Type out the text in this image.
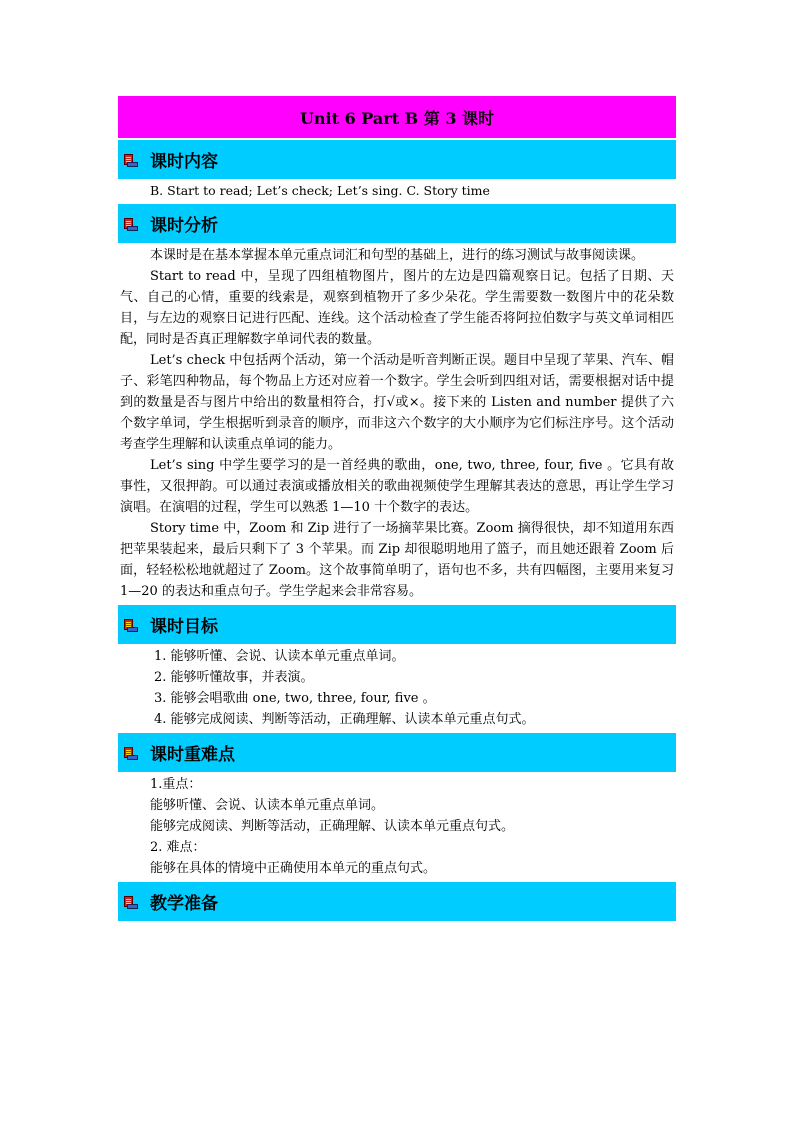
Unit 6 Part B 第 3 课时
课时内容

B. Start to read; Let’s check; Let’s sing. C. Story time

课时分析

本课时是在基本掌握本单元重点词汇和句型的基础上，进行的练习测试与故事阅读课。

Start to read 中，呈现了四组植物图片，图片的左边是四篇观察日记。包括了日期、天气、自己的心情，重要的线索是，观察到植物开了多少朵花。学生需要数一数图片中的花朵数目，与左边的观察日记进行匹配、连线。这个活动检查了学生能否将阿拉伯数字与英文单词相匹配，同时是否真正理解数字单词代表的数量。

Let’s check 中包括两个活动，第一个活动是听音判断正误。题目中呈现了苹果、汽车、帽子、彩笔四种物品，每个物品上方还对应着一个数字。学生会听到四组对话，需要根据对话中提到的数量是否与图片中给出的数量相符合，打√或×。接下来的 Listen and number 提供了六个数字单词，学生根据听到录音的顺序，而非这六个数字的大小顺序为它们标注序号。这个活动考查学生理解和认读重点单词的能力。

Let’s sing 中学生要学习的是一首经典的歌曲，one, two, three, four, five 。它具有故事性，又很押韵。可以通过表演或播放相关的歌曲视频使学生理解其表达的意思，再让学生学习演唱。在演唱的过程，学生可以熟悉 1—10 十个数字的表达。

Story time 中，Zoom 和 Zip 进行了一场摘苹果比赛。Zoom 摘得很快，却不知道用东西把苹果装起来，最后只剩下了 3 个苹果。而 Zip 却很聪明地用了篮子，而且她还跟着 Zoom 后面，轻轻松松地就超过了 Zoom。这个故事简单明了，语句也不多，共有四幅图，主要用来复习 1—20 的表达和重点句子。学生学起来会非常容易。

课时目标
1. 能够听懂、会说、认读本单元重点单词。
2. 能够听懂故事，并表演。
3. 能够会唱歌曲 one, two, three, four, five 。
4. 能够完成阅读、判断等活动，正确理解、认读本单元重点句式。
课时重难点

1.重点：

能够听懂、会说、认读本单元重点单词。

能够完成阅读、判断等活动，正确理解、认读本单元重点句式。

2. 难点：

能够在具体的情境中正确使用本单元的重点句式。

教学准备
